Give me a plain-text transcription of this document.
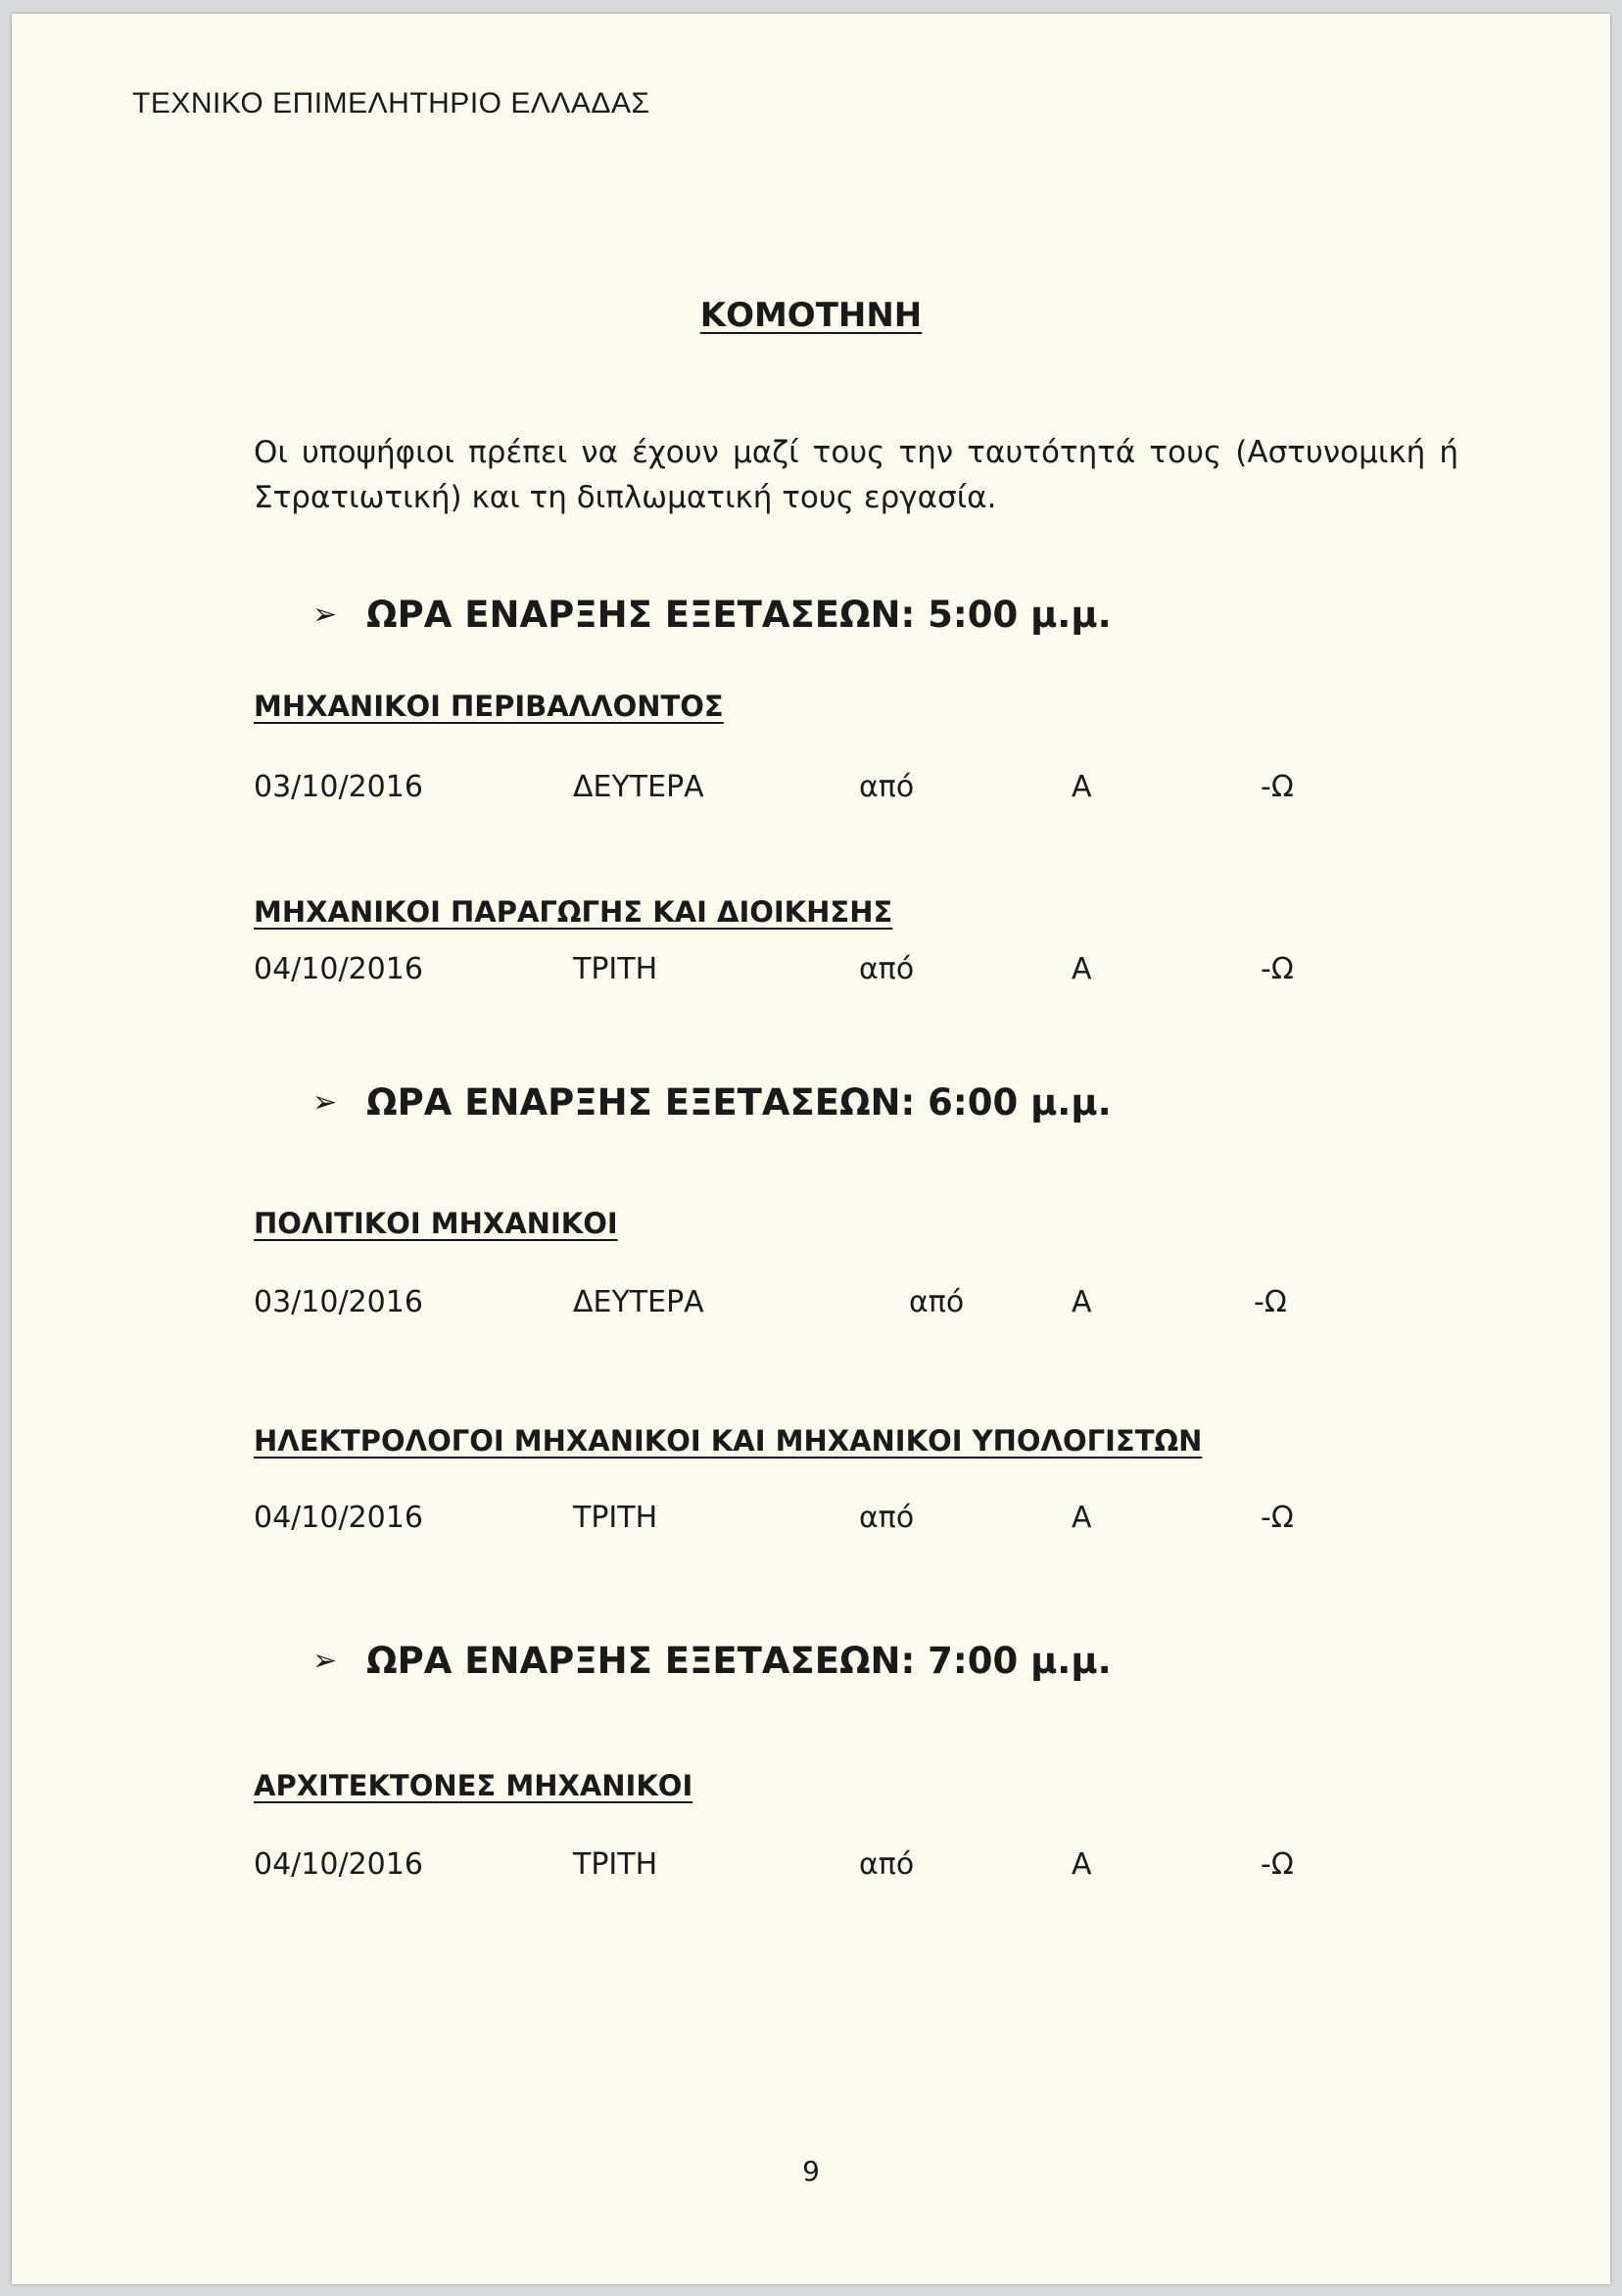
ΤΕΧΝΙΚΟ ΕΠΙΜΕΛΗΤΗΡΙΟ ΕΛΛΑΔΑΣ
ΚΟΜΟΤΗΝΗ
Οι υποψήφιοι πρέπει να έχουν μαζί τους την ταυτότητά τους (Αστυνομική ή Στρατιωτική) και τη διπλωματική τους εργασία.
➢ ΩΡΑ ΕΝΑΡΞΗΣ ΕΞΕΤΑΣΕΩΝ: 5:00 μ.μ.
ΜΗΧΑΝΙΚΟΙ ΠΕΡΙΒΑΛΛΟΝΤΟΣ
03/10/2016	ΔΕΥΤΕΡΑ	από	Α	-Ω
ΜΗΧΑΝΙΚΟΙ ΠΑΡΑΓΩΓΗΣ ΚΑΙ ΔΙΟΙΚΗΣΗΣ
04/10/2016	ΤΡΙΤΗ	από	Α	-Ω
➢ ΩΡΑ ΕΝΑΡΞΗΣ ΕΞΕΤΑΣΕΩΝ: 6:00 μ.μ.
ΠΟΛΙΤΙΚΟΙ ΜΗΧΑΝΙΚΟΙ
03/10/2016	ΔΕΥΤΕΡΑ	από	Α	-Ω
ΗΛΕΚΤΡΟΛΟΓΟΙ ΜΗΧΑΝΙΚΟΙ ΚΑΙ ΜΗΧΑΝΙΚΟΙ ΥΠΟΛΟΓΙΣΤΩΝ
04/10/2016	ΤΡΙΤΗ	από	Α	-Ω
➢ ΩΡΑ ΕΝΑΡΞΗΣ ΕΞΕΤΑΣΕΩΝ: 7:00 μ.μ.
ΑΡΧΙΤΕΚΤΟΝΕΣ ΜΗΧΑΝΙΚΟΙ
04/10/2016	ΤΡΙΤΗ	από	Α	-Ω
9
